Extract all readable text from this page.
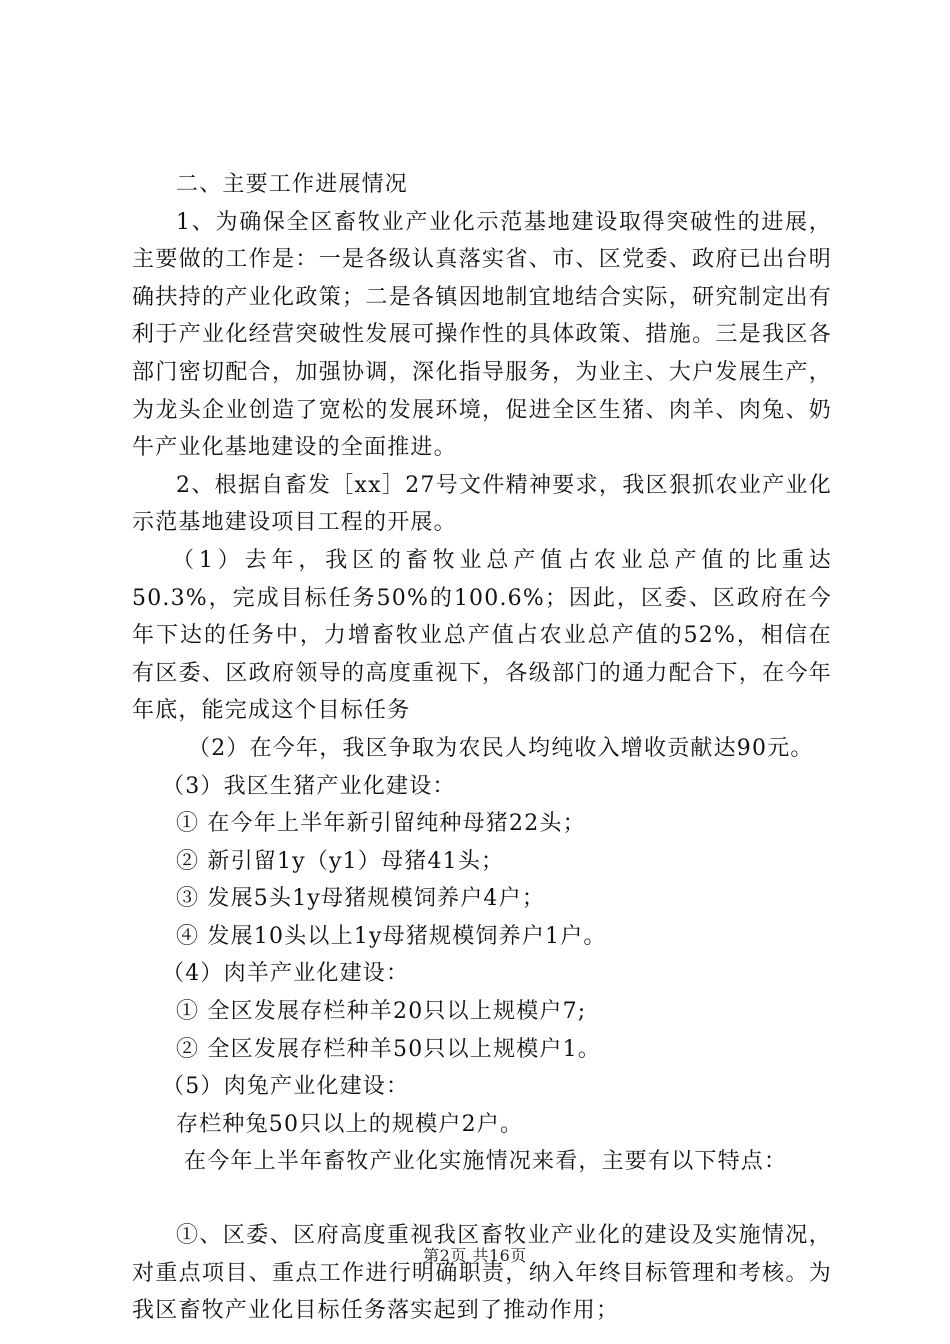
二、主要工作进展情况

1、为确保全区畜牧业产业化示范基地建设取得突破性的进展，主要做的工作是：一是各级认真落实省、市、区党委、政府已出台明确扶持的产业化政策；二是各镇因地制宜地结合实际，研究制定出有利于产业化经营突破性发展可操作性的具体政策、措施。三是我区各部门密切配合，加强协调，深化指导服务，为业主、大户发展生产，为龙头企业创造了宽松的发展环境，促进全区生猪、肉羊、肉兔、奶牛产业化基地建设的全面推进。

2、根据自畜发［xx］27号文件精神要求，我区狠抓农业产业化示范基地建设项目工程的开展。

（1）去年，我区的畜牧业总产值占农业总产值的比重达50.3%，完成目标任务50%的100.6%；因此，区委、区政府在今年下达的任务中，力增畜牧业总产值占农业总产值的52%，相信在有区委、区政府领导的高度重视下，各级部门的通力配合下，在今年年底，能完成这个目标任务

（2）在今年，我区争取为农民人均纯收入增收贡献达90元。

（3）我区生猪产业化建设：

① 在今年上半年新引留纯种母猪22头；

② 新引留1y（y1）母猪41头；

③ 发展5头1y母猪规模饲养户4户；

④ 发展10头以上1y母猪规模饲养户1户。

（4）肉羊产业化建设：

① 全区发展存栏种羊20只以上规模户7;

② 全区发展存栏种羊50只以上规模户1。

（5）肉兔产业化建设：

存栏种兔50只以上的规模户2户。

在今年上半年畜牧产业化实施情况来看，主要有以下特点：

①、区委、区府高度重视我区畜牧业产业化的建设及实施情况，对重点项目、重点工作进行明确职责，纳入年终目标管理和考核。为我区畜牧产业化目标任务落实起到了推动作用；

第2页 共16页
